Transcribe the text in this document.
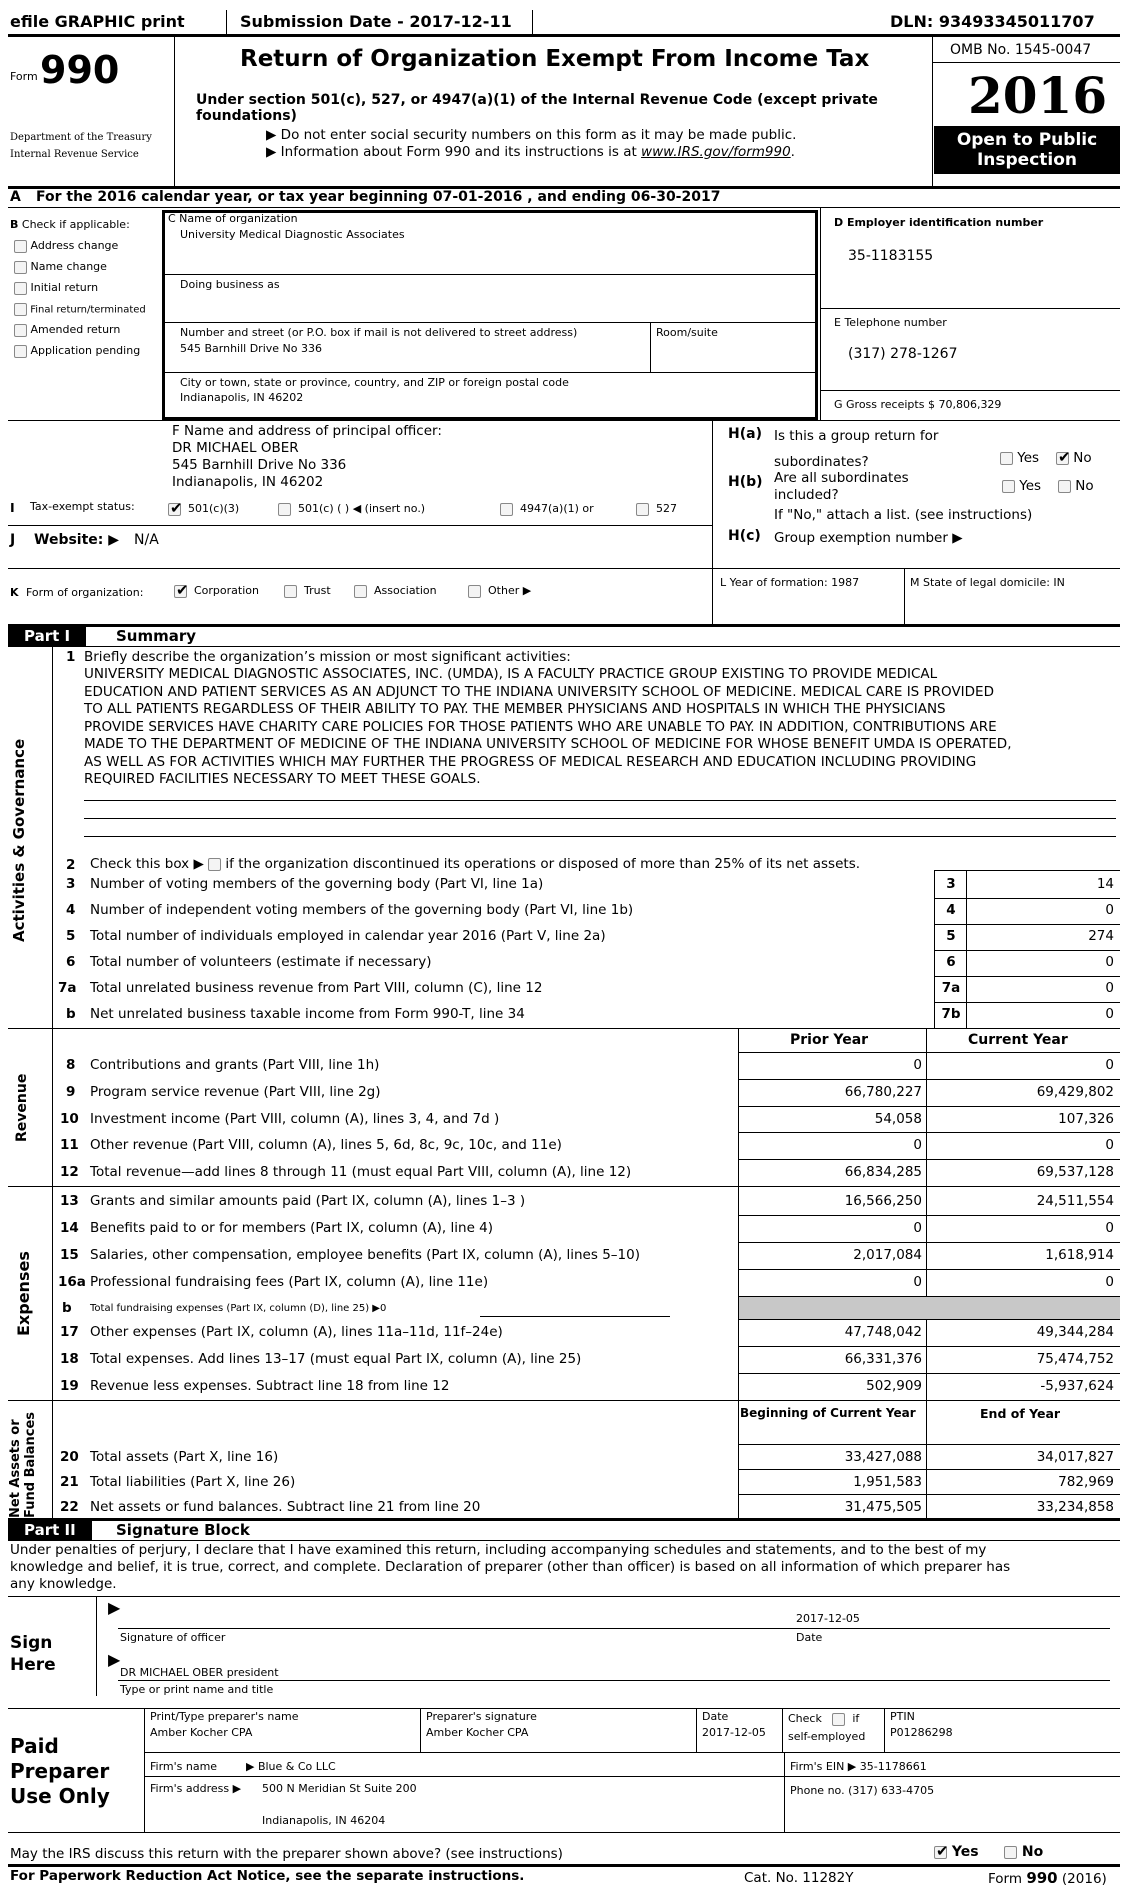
efile GRAPHIC print	Submission Date - 2017-12-11	DLN: 93493345011707
Form 990
Department of the Treasury
Internal Revenue Service
Return of Organization Exempt From Income Tax
Under section 501(c), 527, or 4947(a)(1) of the Internal Revenue Code (except private
foundations)
▶ Do not enter social security numbers on this form as it may be made public.
▶ Information about Form 990 and its instructions is at www.IRS.gov/form990.
OMB No. 1545-0047
2016
Open to Public
Inspection
A For the 2016 calendar year, or tax year beginning 07-01-2016 , and ending 06-30-2017
B Check if applicable:
Address change
Name change
Initial return
Final return/terminated
Amended return
Application pending
C Name of organization
University Medical Diagnostic Associates
Doing business as
Number and street (or P.O. box if mail is not delivered to street address)	Room/suite
545 Barnhill Drive No 336
City or town, state or province, country, and ZIP or foreign postal code
Indianapolis, IN 46202
D Employer identification number
35-1183155
E Telephone number
(317) 278-1267
G Gross receipts $ 70,806,329
F Name and address of principal officer:
DR MICHAEL OBER
545 Barnhill Drive No 336
Indianapolis, IN 46202
H(a) Is this a group return for
subordinates?	Yes ✔	No
H(b) Are all subordinates
included?
Yes	No
If "No," attach a list. (see instructions)
H(c) Group exemption number ▶
I Tax-exempt status: ✔	501(c)(3)	501(c) ( ) ◀ (insert no.)	4947(a)(1) or	527
J Website: ▶ N/A
K Form of organization: ✔	Corporation	Trust	Association	Other ▶
L Year of formation: 1987	M State of legal domicile: IN
Part I	Summary
Activities & Governance
1 Briefly describe the organization’s mission or most significant activities:
UNIVERSITY MEDICAL DIAGNOSTIC ASSOCIATES, INC. (UMDA), IS A FACULTY PRACTICE GROUP EXISTING TO PROVIDE MEDICAL
EDUCATION AND PATIENT SERVICES AS AN ADJUNCT TO THE INDIANA UNIVERSITY SCHOOL OF MEDICINE. MEDICAL CARE IS PROVIDED
TO ALL PATIENTS REGARDLESS OF THEIR ABILITY TO PAY. THE MEMBER PHYSICIANS AND HOSPITALS IN WHICH THE PHYSICIANS
PROVIDE SERVICES HAVE CHARITY CARE POLICIES FOR THOSE PATIENTS WHO ARE UNABLE TO PAY. IN ADDITION, CONTRIBUTIONS ARE
MADE TO THE DEPARTMENT OF MEDICINE OF THE INDIANA UNIVERSITY SCHOOL OF MEDICINE FOR WHOSE BENEFIT UMDA IS OPERATED,
AS WELL AS FOR ACTIVITIES WHICH MAY FURTHER THE PROGRESS OF MEDICAL RESEARCH AND EDUCATION INCLUDING PROVIDING
REQUIRED FACILITIES NECESSARY TO MEET THESE GOALS.
2 Check this box ▶ if the organization discontinued its operations or disposed of more than 25% of its net assets.
3 Number of voting members of the governing body (Part VI, line 1a)	3	14
4 Number of independent voting members of the governing body (Part VI, line 1b)	4	0
5 Total number of individuals employed in calendar year 2016 (Part V, line 2a)	5	274
6 Total number of volunteers (estimate if necessary)	6	0
7a Total unrelated business revenue from Part VIII, column (C), line 12	7a	0
b Net unrelated business taxable income from Form 990-T, line 34	7b	0
Prior Year	Current Year
Revenue
8 Contributions and grants (Part VIII, line 1h)	0	0
9 Program service revenue (Part VIII, line 2g)	66,780,227	69,429,802
10 Investment income (Part VIII, column (A), lines 3, 4, and 7d )	54,058	107,326
11 Other revenue (Part VIII, column (A), lines 5, 6d, 8c, 9c, 10c, and 11e)	0	0
12 Total revenue—add lines 8 through 11 (must equal Part VIII, column (A), line 12)	66,834,285	69,537,128
Expenses
13 Grants and similar amounts paid (Part IX, column (A), lines 1–3 )	16,566,250	24,511,554
14 Benefits paid to or for members (Part IX, column (A), line 4)	0	0
15 Salaries, other compensation, employee benefits (Part IX, column (A), lines 5–10)	2,017,084	1,618,914
16a Professional fundraising fees (Part IX, column (A), line 11e)	0	0
b Total fundraising expenses (Part IX, column (D), line 25) ▶0
17 Other expenses (Part IX, column (A), lines 11a–11d, 11f–24e)	47,748,042	49,344,284
18 Total expenses. Add lines 13–17 (must equal Part IX, column (A), line 25)	66,331,376	75,474,752
19 Revenue less expenses. Subtract line 18 from line 12	502,909	-5,937,624
Beginning of Current Year	End of Year
Net Assets or Fund Balances 20 Total assets (Part X, line 16)	33,427,088	34,017,827
21 Total liabilities (Part X, line 26)	1,951,583	782,969
22 Net assets or fund balances. Subtract line 21 from line 20	31,475,505	33,234,858
Part II	Signature Block
Under penalties of perjury, I declare that I have examined this return, including accompanying schedules and statements, and to the best of my
knowledge and belief, it is true, correct, and complete. Declaration of preparer (other than officer) is based on all information of which preparer has
any knowledge.
Sign
Here
▶
2017-12-05
Signature of officer	Date
▶
DR MICHAEL OBER president
Type or print name and title
Paid
Preparer
Use Only
Print/Type preparer's name
Amber Kocher CPA
Preparer's signature
Amber Kocher CPA
Date
2017-12-05
Check	if
self-employed
PTIN
P01286298
Firm's name	▶ Blue & Co LLC	Firm's EIN ▶ 35-1178661
Firm's address ▶ 500 N Meridian St Suite 200
Indianapolis, IN 46204
Phone no. (317) 633-4705
May the IRS discuss this return with the preparer shown above? (see instructions) ✔	Yes	No
For Paperwork Reduction Act Notice, see the separate instructions.	Cat. No. 11282Y	Form 990 (2016)
